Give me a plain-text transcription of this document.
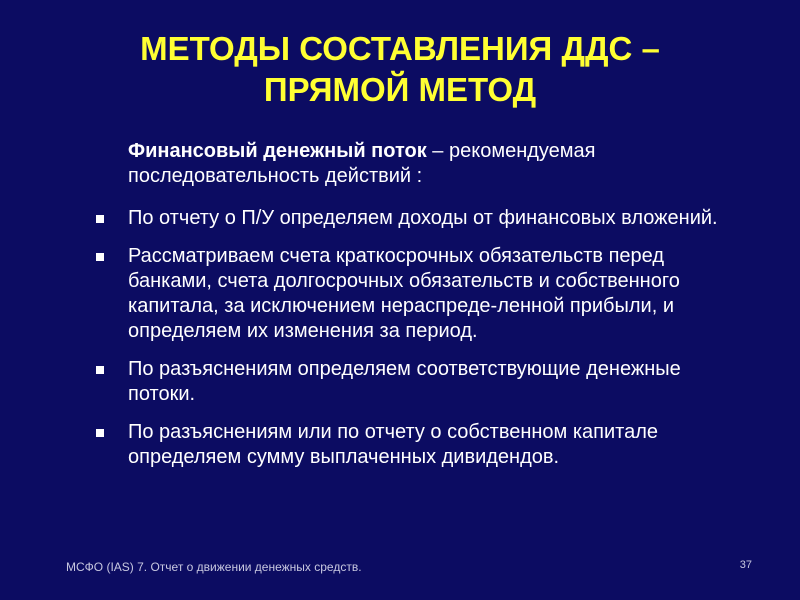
МЕТОДЫ СОСТАВЛЕНИЯ ДДС –
ПРЯМОЙ МЕТОД
Финансовый денежный поток – рекомендуемая последовательность действий :
По отчету о П/У определяем доходы от финансовых вложений.
Рассматриваем счета краткосрочных обязательств перед банками, счета долгосрочных обязательств и собственного капитала, за исключением нераспреде-ленной прибыли, и определяем их изменения за период.
По разъяснениям определяем соответствующие денежные потоки.
По разъяснениям или по отчету о собственном капитале определяем сумму выплаченных дивидендов.
МСФО (IAS) 7. Отчет о движении денежных средств.	37
